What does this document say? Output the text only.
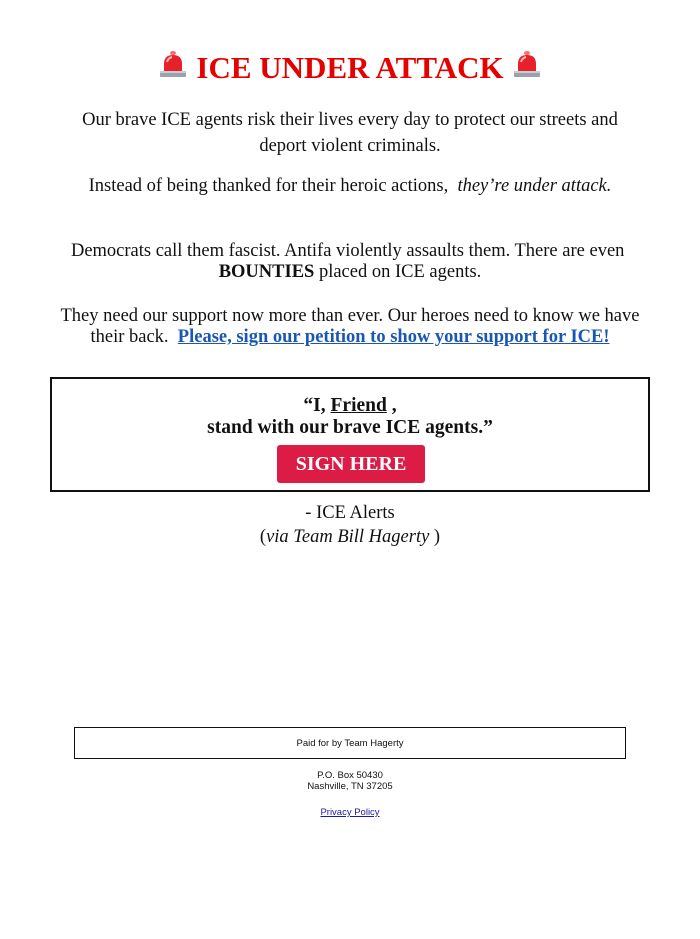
ICE UNDER ATTACK
Our brave ICE agents risk their lives every day to protect our streets and deport violent criminals.
Instead of being thanked for their heroic actions, they’re under attack.
Democrats call them fascist. Antifa violently assaults them. There are even  BOUNTIES placed on ICE agents.
They need our support now more than ever. Our heroes need to know we have their back. Please, sign our petition to show your support for ICE!
“I, Friend ,
stand with our brave ICE agents.”
SIGN HERE
- ICE Alerts
(via Team Bill Hagerty )
Paid for by Team Hagerty
P.O. Box 50430
Nashville, TN 37205
Privacy Policy
